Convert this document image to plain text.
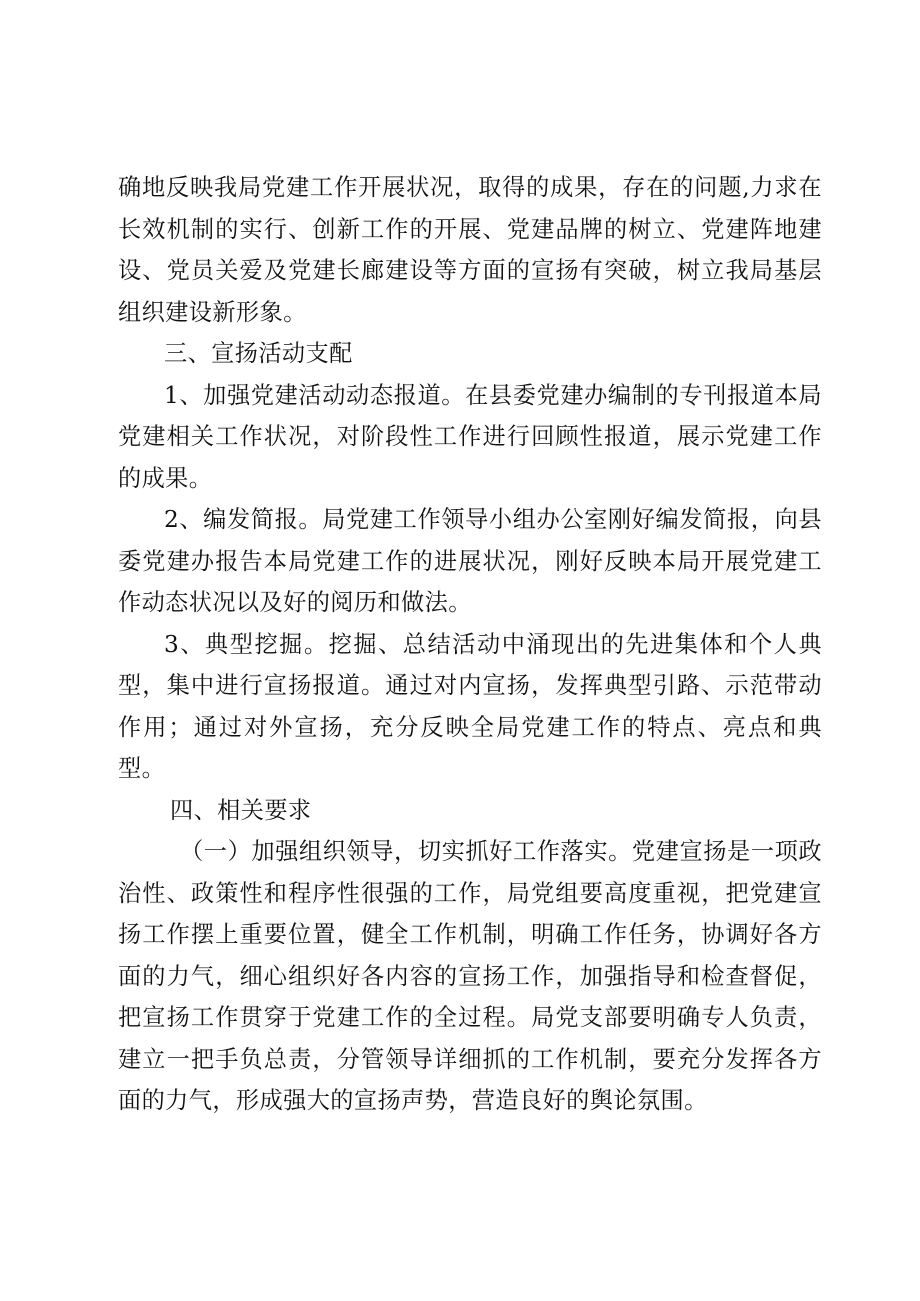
确地反映我局党建工作开展状况，取得的成果，存在的问题,力求在长效机制的实行、创新工作的开展、党建品牌的树立、党建阵地建设、党员关爱及党建长廊建设等方面的宣扬有突破，树立我局基层组织建设新形象。

三、宣扬活动支配

1、加强党建活动动态报道。在县委党建办编制的专刊报道本局党建相关工作状况，对阶段性工作进行回顾性报道，展示党建工作的成果。

2、编发简报。局党建工作领导小组办公室刚好编发简报，向县委党建办报告本局党建工作的进展状况，刚好反映本局开展党建工作动态状况以及好的阅历和做法。

3、典型挖掘。挖掘、总结活动中涌现出的先进集体和个人典型，集中进行宣扬报道。通过对内宣扬，发挥典型引路、示范带动作用；通过对外宣扬，充分反映全局党建工作的特点、亮点和典型。

四、相关要求

（一）加强组织领导，切实抓好工作落实。党建宣扬是一项政治性、政策性和程序性很强的工作，局党组要高度重视，把党建宣扬工作摆上重要位置，健全工作机制，明确工作任务，协调好各方面的力气，细心组织好各内容的宣扬工作，加强指导和检查督促，把宣扬工作贯穿于党建工作的全过程。局党支部要明确专人负责，建立一把手负总责，分管领导详细抓的工作机制，要充分发挥各方面的力气，形成强大的宣扬声势，营造良好的舆论氛围。
